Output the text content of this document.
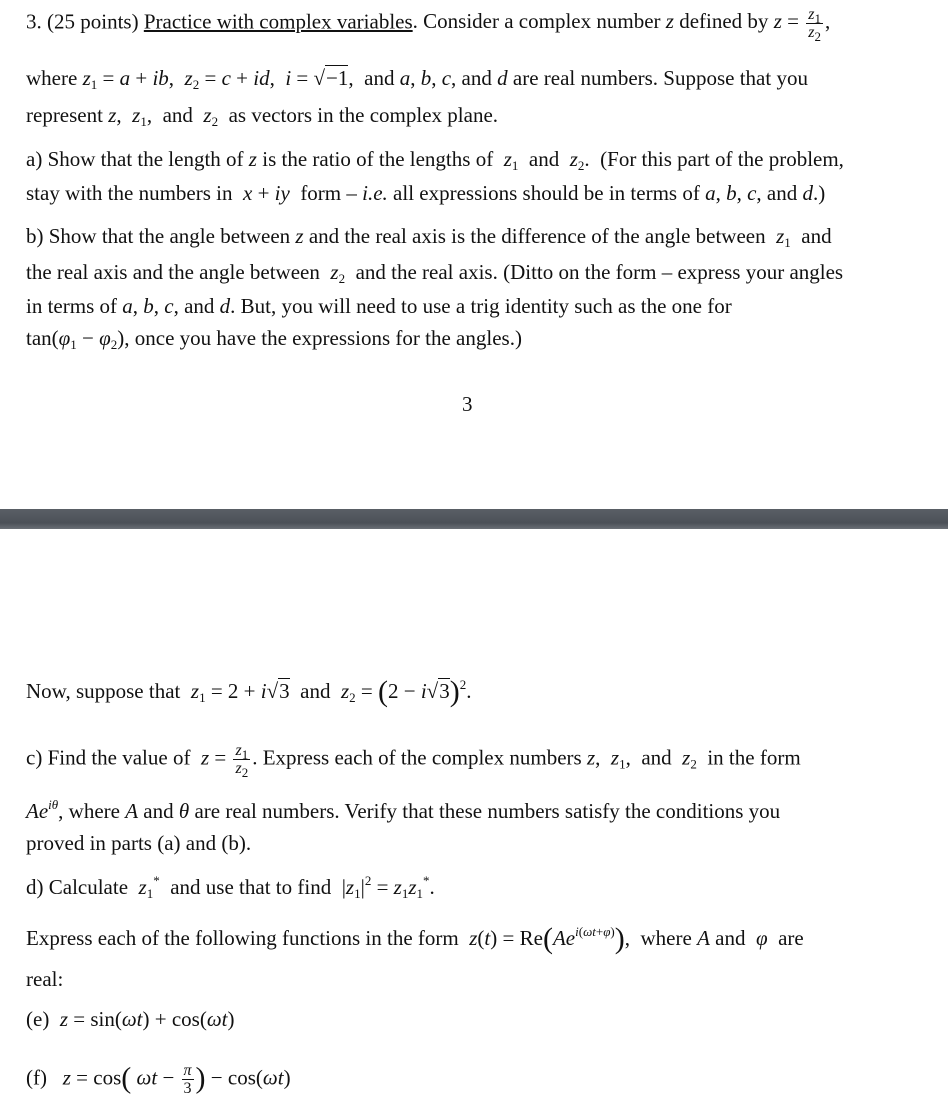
3. (25 points) Practice with complex variables. Consider a complex number z defined by $z = \frac{z_1}{z_2}$ ,
where $z_1 = a$ + ib,  $z_2 = c$ + id,  i = √−1,  and a, b, c, and d are real numbers. Suppose that you
represent z,  $z_1$,  and  $z_2$  as vectors in the complex plane.
a) Show that the length of z is the ratio of the lengths of  $z_1$  and  $z_2$.  (For this part of the problem,
stay with the numbers in  x + iy  form – i.e. all expressions should be in terms of a, b, c, and d.)
b) Show that the angle between z and the real axis is the difference of the angle between  $z_1$  and
the real axis and the angle between  $z_2$  and the real axis. (Ditto on the form – express your angles
in terms of a, b, c, and d. But, you will need to use a trig identity such as the one for
$\tan(\varphi_1 - \varphi_2)$, once you have the expressions for the angles.)
3
Now, suppose that  $z_1 = 2 + i√3$  and  $z_2 = (2 - i√3)^2$.
c) Find the value of  $z = \frac{z_1}{z_2}$ . Express each of the complex numbers z,  $z_1$,  and  $z_2$  in the form
$Ae^{i\theta}$, where A and θ are real numbers. Verify that these numbers satisfy the conditions you
proved in parts (a) and (b).
d) Calculate  $z_1^*$  and use that to find  $|z_1|^2 = z_1z_1^*$.
Express each of the following functions in the form  $z(t) = Re(Ae^{i(\omega t+\varphi)})$,  where A and  φ  are
real:
(e)  z = sin(ωt) + cos(ωt)
(f)   z = cos( $\omega t - \frac{\pi}{3}$ ) − cos(ωt)
